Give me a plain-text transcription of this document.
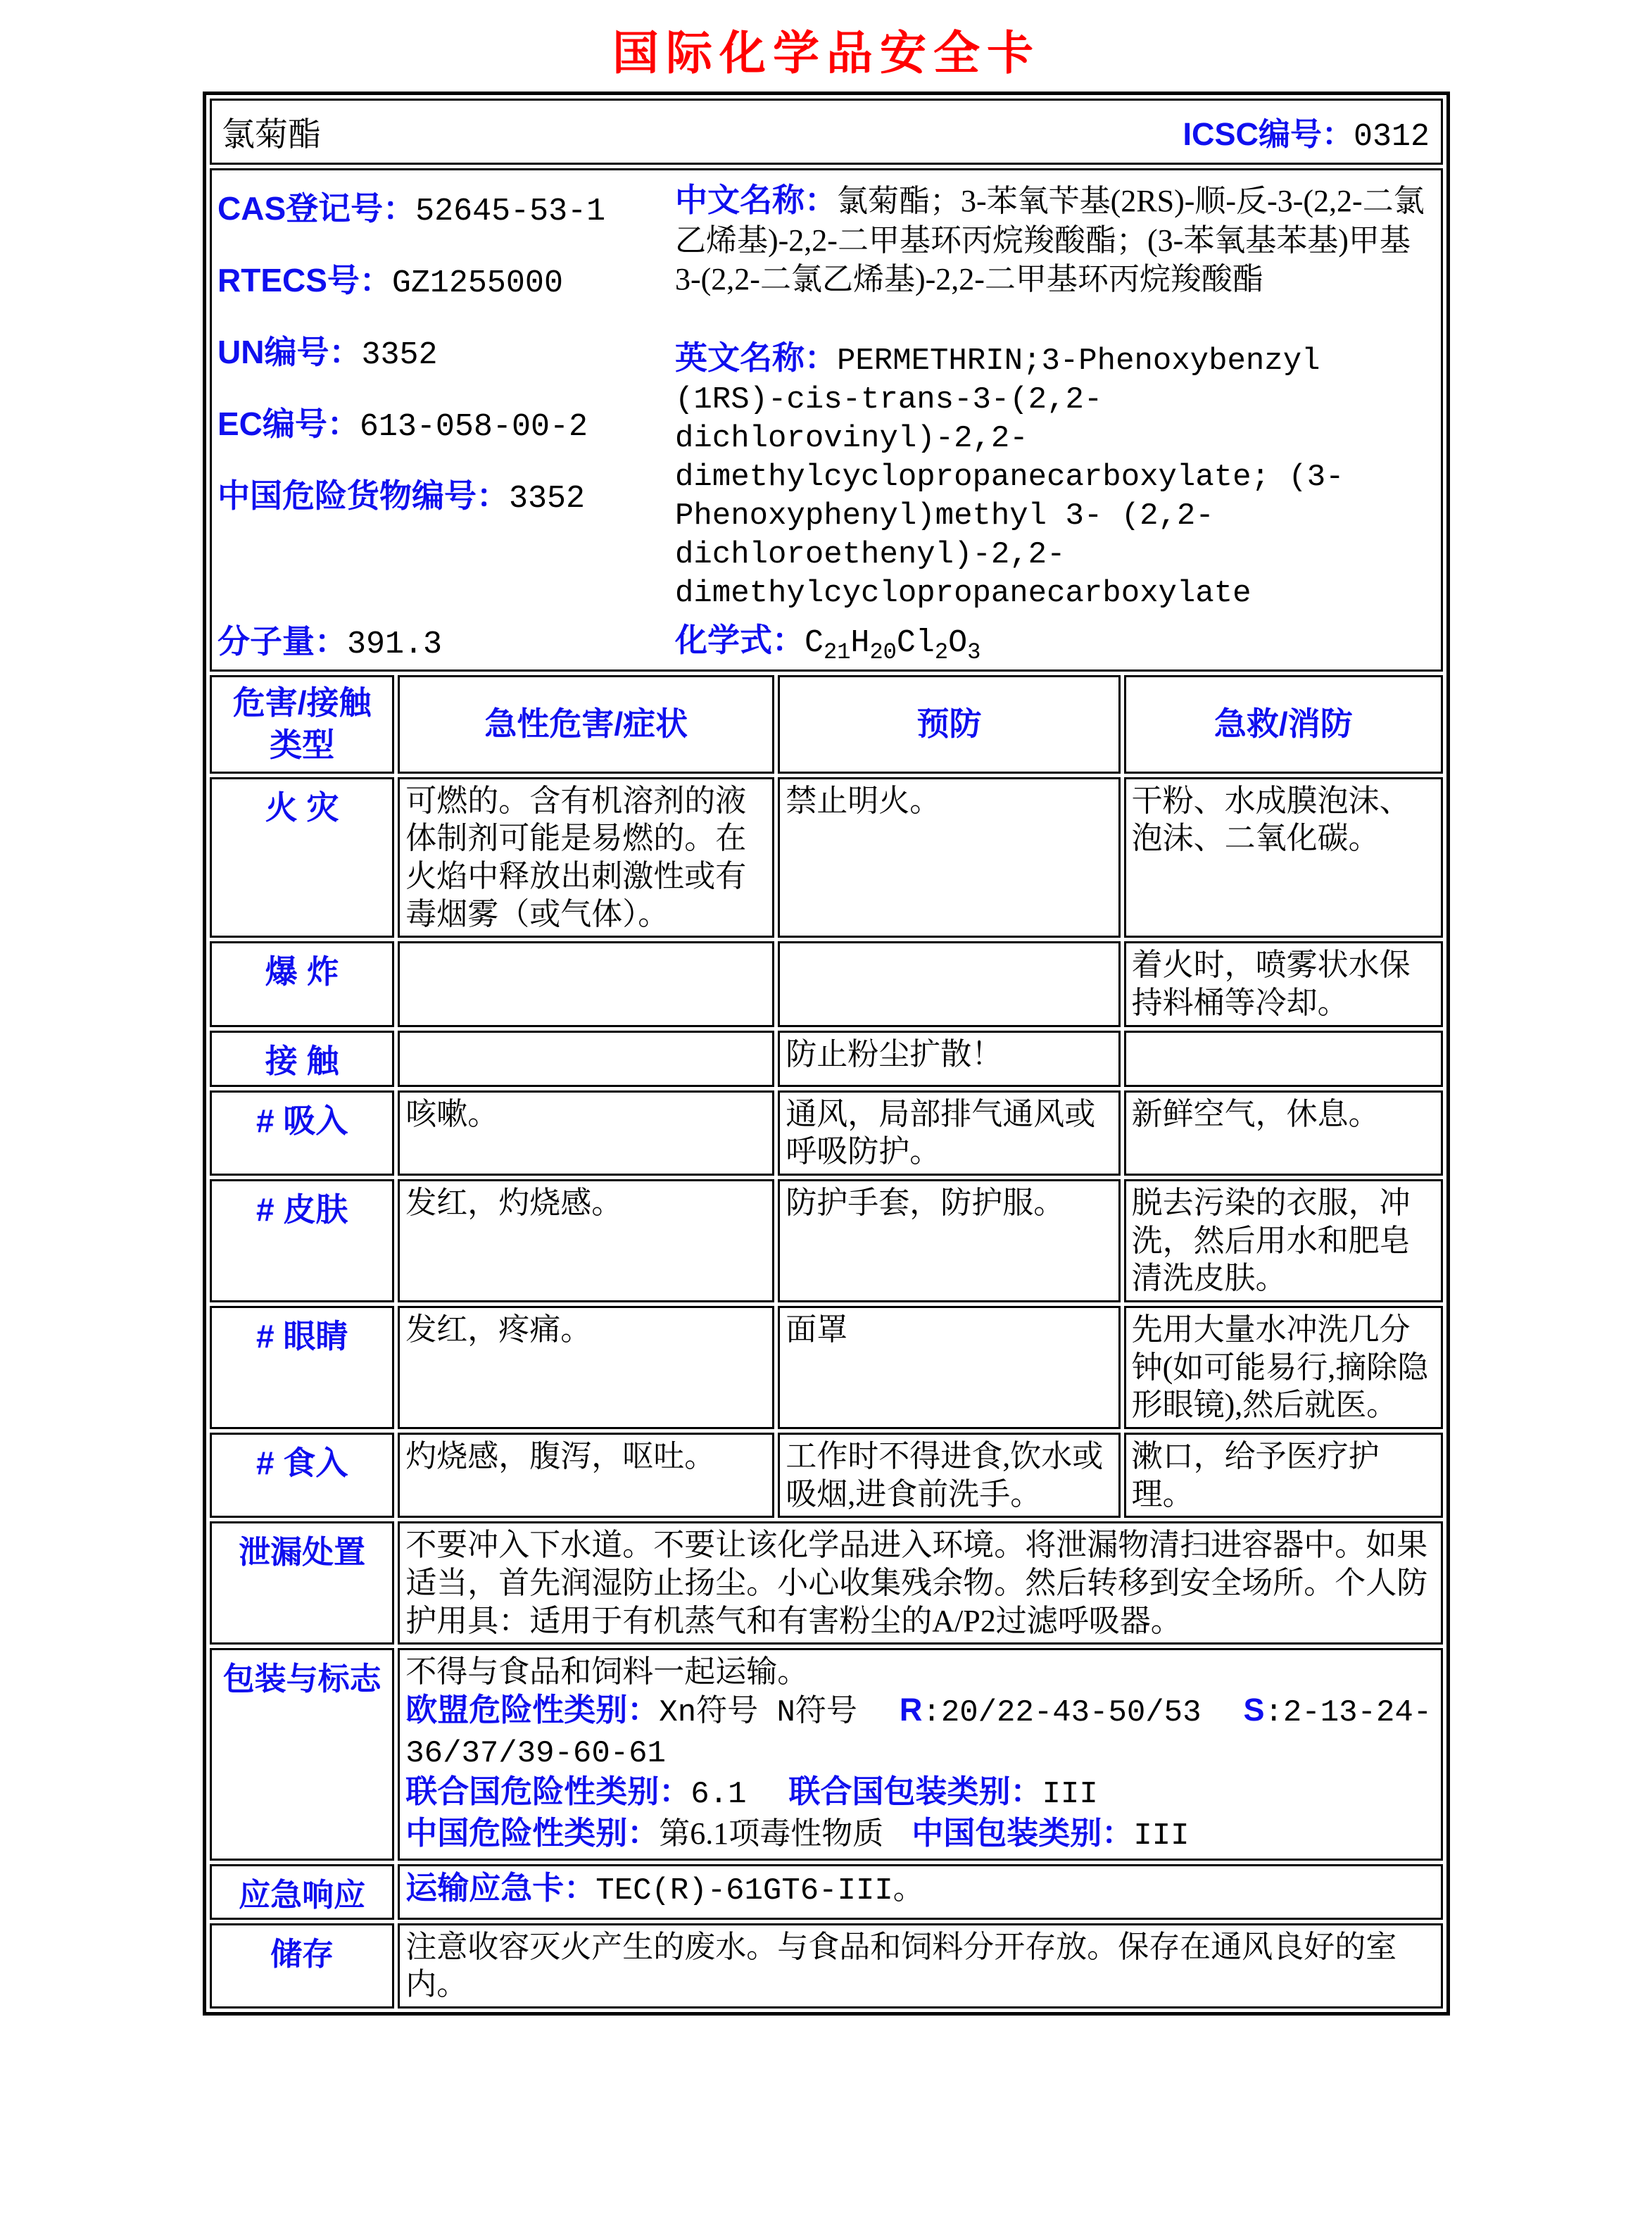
国际化学品安全卡
氯菊酯 ICSC编号：0312			

CAS登记号：52645-53-1

RTECS号：GZ1255000

UN编号：3352

EC编号：613-058-00-2

中国危险货物编号：3352

分子量：391.3

中文名称：氯菊酯；3-苯氧苄基(2RS)-顺-反-3-(2,2-二氯乙烯基)-2,2-二甲基环丙烷羧酸酯；(3-苯氧基苯基)甲基3-(2,2-二氯乙烯基)-2,2-二甲基环丙烷羧酸酯

英文名称：PERMETHRIN;3-Phenoxybenzyl (1RS)-cis-trans-3-(2,2-dichlorovinyl)-2,2-dimethylcyclopropanecarboxylate; (3-Phenoxyphenyl)methyl 3- (2,2-dichloroethenyl)-2,2-dimethylcyclopropanecarboxylate

化学式：$C_{21}H_{20}Cl_2O_3$

危害/接触
类型	急性危害/症状	预防	急救/消防
火 灾	可燃的。含有机溶剂的液体制剂可能是易燃的。在火焰中释放出刺激性或有毒烟雾（或气体）。	禁止明火。	干粉、水成膜泡沫、泡沫、二氧化碳。
爆 炸			着火时，喷雾状水保持料桶等冷却。
接 触		防止粉尘扩散！	
# 吸入	咳嗽。	通风，局部排气通风或呼吸防护。	新鲜空气，休息。
# 皮肤	发红，灼烧感。	防护手套，防护服。	脱去污染的衣服，冲洗，然后用水和肥皂清洗皮肤。
# 眼睛	发红，疼痛。	面罩	先用大量水冲洗几分钟(如可能易行,摘除隐形眼镜),然后就医。
# 食入	灼烧感，腹泻，呕吐。	工作时不得进食,饮水或吸烟,进食前洗手。	漱口，给予医疗护理。
泄漏处置	不要冲入下水道。不要让该化学品进入环境。将泄漏物清扫进容器中。如果适当，首先润湿防止扬尘。小心收集残余物。然后转移到安全场所。个人防护用具：适用于有机蒸气和有害粉尘的A/P2过滤呼吸器。		
包装与标志	不得与食品和饲料一起运输。

欧盟危险性类别：Xn符号 N符号 R:20/22-43-50/53 S:2-13-24-36/37/39-60-61

联合国危险性类别：6.1 联合国包装类别：III

中国危险性类别：第6.1项毒性物质 中国包装类别：III		

应急响应	运输应急卡：TEC(R)-61GT6-III。		
储存	注意收容灭火产生的废水。与食品和饲料分开存放。保存在通风良好的室内。		
